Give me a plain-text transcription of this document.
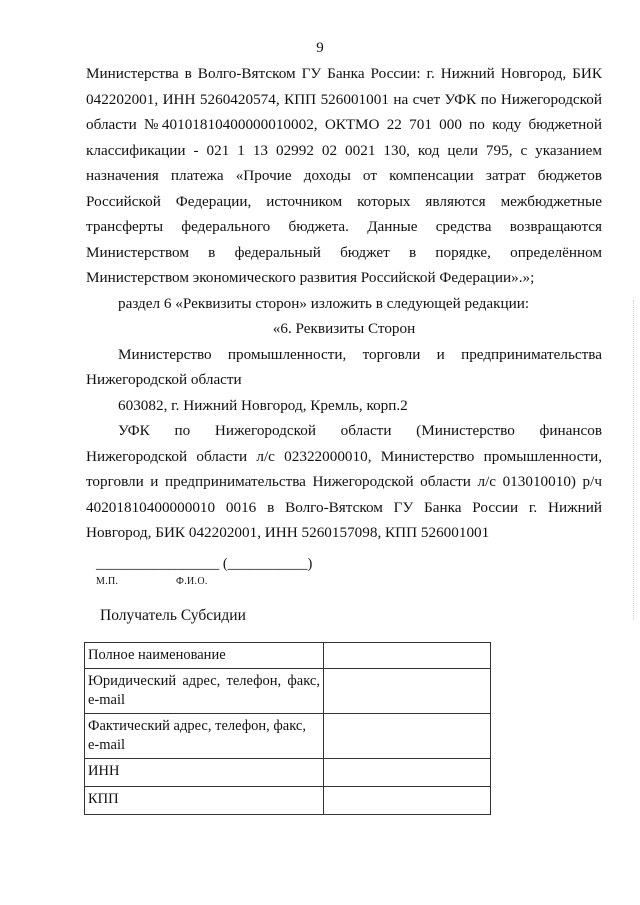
9

Министерства в Волго-Вятском ГУ Банка России: г. Нижний Новгород, БИК 042202001, ИНН 5260420574, КПП 526001001 на счет УФК по Нижегородской области №40101810400000010002, ОКТМО 22 701 000 по коду бюджетной классификации - 021 1 13 02992 02 0021 130, код цели 795, с указанием назначения платежа «Прочие доходы от компенсации затрат бюджетов Российской Федерации, источником которых являются межбюджетные трансферты федерального бюджета. Данные средства возвращаются Министерством в федеральный бюджет в порядке, определённом Министерством экономического развития Российской Федерации».»;

раздел 6 «Реквизиты сторон» изложить в следующей редакции:

«6. Реквизиты Сторон

Министерство промышленности, торговли и предпринимательства Нижегородской области

603082, г. Нижний Новгород, Кремль, корп.2

УФК по Нижегородской области (Министерство финансов Нижегородской области л/с 02322000010, Министерство промышленности, торговли и предпринимательства Нижегородской области л/с 013010010) р/ч 40201810400000010 0016 в Волго-Вятском ГУ Банка России г. Нижний Новгород, БИК 042202001, ИНН 5260157098, КПП 526001001

_________________ (___________)
М.П.	Ф.И.О.
Получатель Субсидии
Полное наименование	
Юридический адрес, телефон, факс, e-mail	
Фактический адрес, телефон, факс, e-mail	
ИНН	
КПП	
